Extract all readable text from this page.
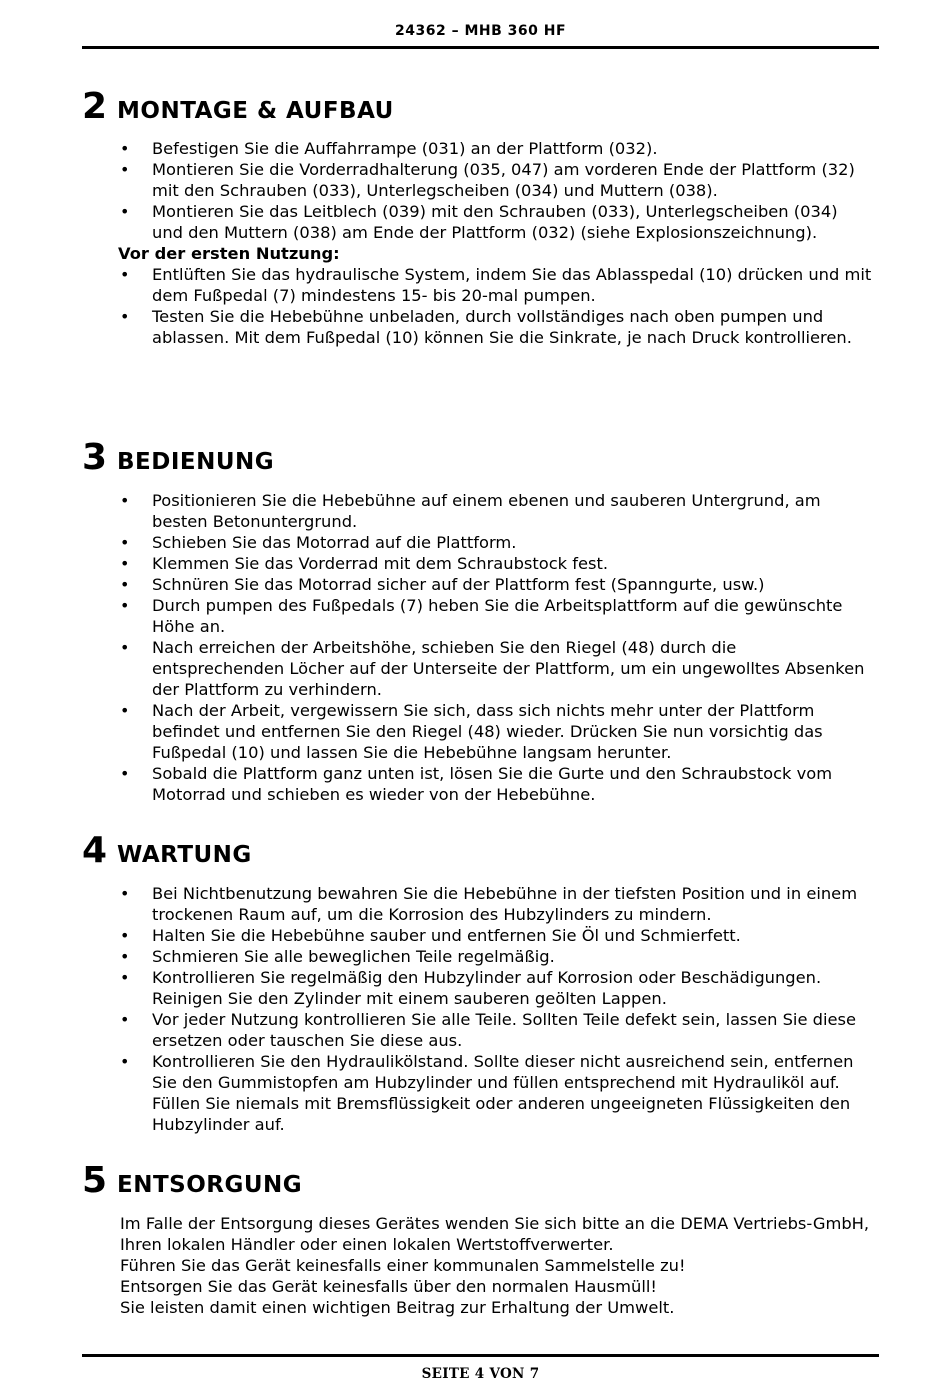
24362 – MHB 360 HF
2 MONTAGE & AUFBAU
• Befestigen Sie die Auffahrrampe (031) an der Plattform (032).
• Montieren Sie die Vorderradhalterung (035, 047) am vorderen Ende der Plattform (32) mit den Schrauben (033), Unterlegscheiben (034) und Muttern (038).
• Montieren Sie das Leitblech (039) mit den Schrauben (033), Unterlegscheiben (034) und den Muttern (038) am Ende der Plattform (032) (siehe Explosionszeichnung).
Vor der ersten Nutzung:
• Entlüften Sie das hydraulische System, indem Sie das Ablasspedal (10) drücken und mit dem Fußpedal (7) mindestens 15- bis 20-mal pumpen.
• Testen Sie die Hebebühne unbeladen, durch vollständiges nach oben pumpen und ablassen. Mit dem Fußpedal (10) können Sie die Sinkrate, je nach Druck kontrollieren.
3 BEDIENUNG
• Positionieren Sie die Hebebühne auf einem ebenen und sauberen Untergrund, am besten Betonuntergrund.
• Schieben Sie das Motorrad auf die Plattform.
• Klemmen Sie das Vorderrad mit dem Schraubstock fest.
• Schnüren Sie das Motorrad sicher auf der Plattform fest (Spanngurte, usw.)
• Durch pumpen des Fußpedals (7) heben Sie die Arbeitsplattform auf die gewünschte Höhe an.
• Nach erreichen der Arbeitshöhe, schieben Sie den Riegel (48) durch die entsprechenden Löcher auf der Unterseite der Plattform, um ein ungewolltes Absenken der Plattform zu verhindern.
• Nach der Arbeit, vergewissern Sie sich, dass sich nichts mehr unter der Plattform befindet und entfernen Sie den Riegel (48) wieder. Drücken Sie nun vorsichtig das Fußpedal (10) und lassen Sie die Hebebühne langsam herunter.
• Sobald die Plattform ganz unten ist, lösen Sie die Gurte und den Schraubstock vom Motorrad und schieben es wieder von der Hebebühne.
4 WARTUNG
• Bei Nichtbenutzung bewahren Sie die Hebebühne in der tiefsten Position und in einem trockenen Raum auf, um die Korrosion des Hubzylinders zu mindern.
• Halten Sie die Hebebühne sauber und entfernen Sie Öl und Schmierfett.
• Schmieren Sie alle beweglichen Teile regelmäßig.
• Kontrollieren Sie regelmäßig den Hubzylinder auf Korrosion oder Beschädigungen. Reinigen Sie den Zylinder mit einem sauberen geölten Lappen.
• Vor jeder Nutzung kontrollieren Sie alle Teile. Sollten Teile defekt sein, lassen Sie diese ersetzen oder tauschen Sie diese aus.
• Kontrollieren Sie den Hydraulikölstand. Sollte dieser nicht ausreichend sein, entfernen Sie den Gummistopfen am Hubzylinder und füllen entsprechend mit Hydrauliköl auf. Füllen Sie niemals mit Bremsflüssigkeit oder anderen ungeeigneten Flüssigkeiten den Hubzylinder auf.
5 ENTSORGUNG

Im Falle der Entsorgung dieses Gerätes wenden Sie sich bitte an die DEMA Vertriebs-GmbH, Ihren lokalen Händler oder einen lokalen Wertstoffverwerter.

Führen Sie das Gerät keinesfalls einer kommunalen Sammelstelle zu!

Entsorgen Sie das Gerät keinesfalls über den normalen Hausmüll!

Sie leisten damit einen wichtigen Beitrag zur Erhaltung der Umwelt.

SEITE 4 VON 7
